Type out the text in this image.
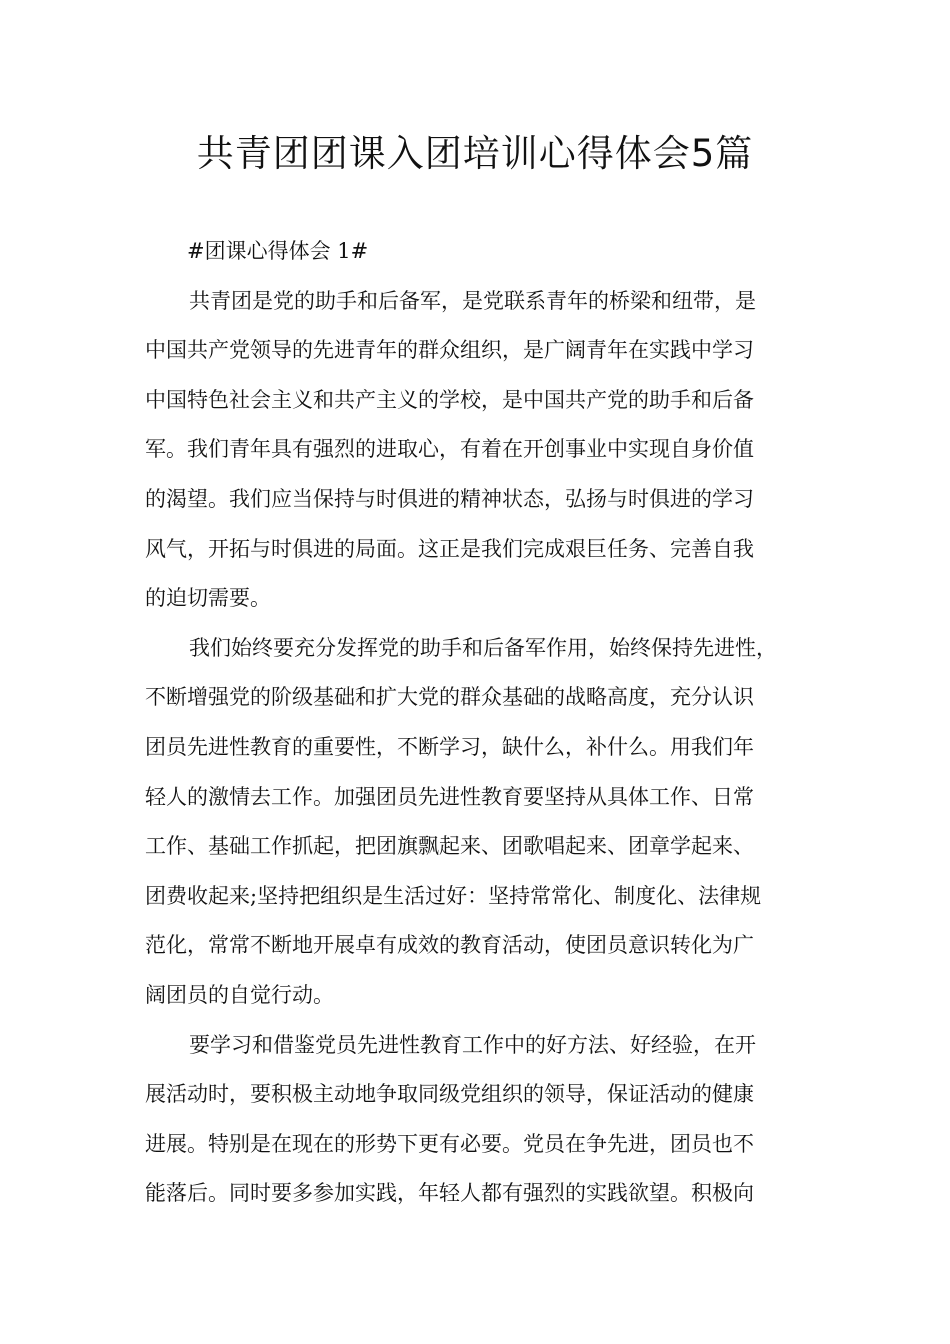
共青团团课入团培训心得体会5篇

#团课心得体会 1#

共青团是党的助手和后备军，是党联系青年的桥梁和纽带，是
中国共产党领导的先进青年的群众组织，是广阔青年在实践中学习
中国特色社会主义和共产主义的学校，是中国共产党的助手和后备
军。我们青年具有强烈的进取心，有着在开创事业中实现自身价值
的渴望。我们应当保持与时俱进的精神状态，弘扬与时俱进的学习
风气，开拓与时俱进的局面。这正是我们完成艰巨任务、完善自我
的迫切需要。
我们始终要充分发挥党的助手和后备军作用，始终保持先进性，
不断增强党的阶级基础和扩大党的群众基础的战略高度，充分认识
团员先进性教育的重要性，不断学习，缺什么，补什么。用我们年
轻人的激情去工作。加强团员先进性教育要坚持从具体工作、日常
工作、基础工作抓起，把团旗飘起来、团歌唱起来、团章学起来、
团费收起来;坚持把组织是生活过好：坚持常常化、制度化、法律规
范化，常常不断地开展卓有成效的教育活动，使团员意识转化为广
阔团员的自觉行动。
要学习和借鉴党员先进性教育工作中的好方法、好经验，在开
展活动时，要积极主动地争取同级党组织的领导，保证活动的健康
进展。特别是在现在的形势下更有必要。党员在争先进，团员也不
能落后。同时要多参加实践，年轻人都有强烈的实践欲望。积极向
